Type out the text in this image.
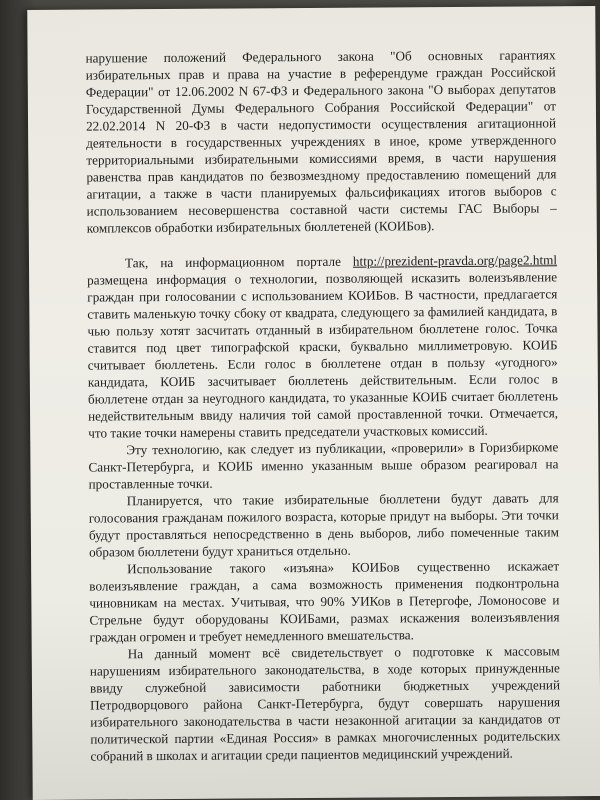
нарушение положений Федерального закона "Об основных гарантиях избирательных прав и права на участие в референдуме граждан Российской Федерации" от 12.06.2002 N 67-ФЗ и Федерального закона "О выборах депутатов Государственной Думы Федерального Собрания Российской Федерации" от 22.02.2014 N 20-ФЗ в части недопустимости осуществления агитационной деятельности в государственных учреждениях в иное, кроме утвержденного территориальными избирательными комиссиями время, в части нарушения равенства прав кандидатов по безвозмездному предоставлению помещений для агитации, а также в части планируемых фальсификациях итогов выборов с использованием несовершенства составной части системы ГАС Выборы – комплексов обработки избирательных бюллетеней (КОИБов).

Так, на информационном портале http://prezident-pravda.org/page2.html размещена информация о технологии, позволяющей исказить волеизъявление граждан при голосовании с использованием КОИБов. В частности, предлагается ставить маленькую точку сбоку от квадрата, следующего за фамилией кандидата, в чью пользу хотят засчитать отданный в избирательном бюллетене голос. Точка ставится под цвет типографской краски, буквально миллиметровую. КОИБ считывает бюллетень. Если голос в бюллетене отдан в пользу «угодного» кандидата, КОИБ засчитывает бюллетень действительным. Если голос в бюллетене отдан за неугодного кандидата, то указанные КОИБ считает бюллетень недействительным ввиду наличия той самой проставленной точки. Отмечается, что такие точки намерены ставить председатели участковых комиссий.

Эту технологию, как следует из публикации, «проверили» в Горизбиркоме Санкт-Петербурга, и КОИБ именно указанным выше образом реагировал на проставленные точки.

Планируется, что такие избирательные бюллетени будут давать для голосования гражданам пожилого возраста, которые придут на выборы. Эти точки будут проставляться непосредственно в день выборов, либо помеченные таким образом бюллетени будут храниться отдельно.

Использование такого «изъяна» КОИБов существенно искажает волеизъявление граждан, а сама возможность применения подконтрольна чиновникам на местах. Учитывая, что 90% УИКов в Петергофе, Ломоносове и Стрельне будут оборудованы КОИБами, размах искажения волеизъявления граждан огромен и требует немедленного вмешательства.

На данный момент всё свидетельствует о подготовке к массовым нарушениям избирательного законодательства, в ходе которых принужденные ввиду служебной зависимости работники бюджетных учреждений Петродворцового района Санкт-Петербурга, будут совершать нарушения избирательного законодательства в части незаконной агитации за кандидатов от политической партии «Единая Россия» в рамках многочисленных родительских собраний в школах и агитации среди пациентов медицинский учреждений.
